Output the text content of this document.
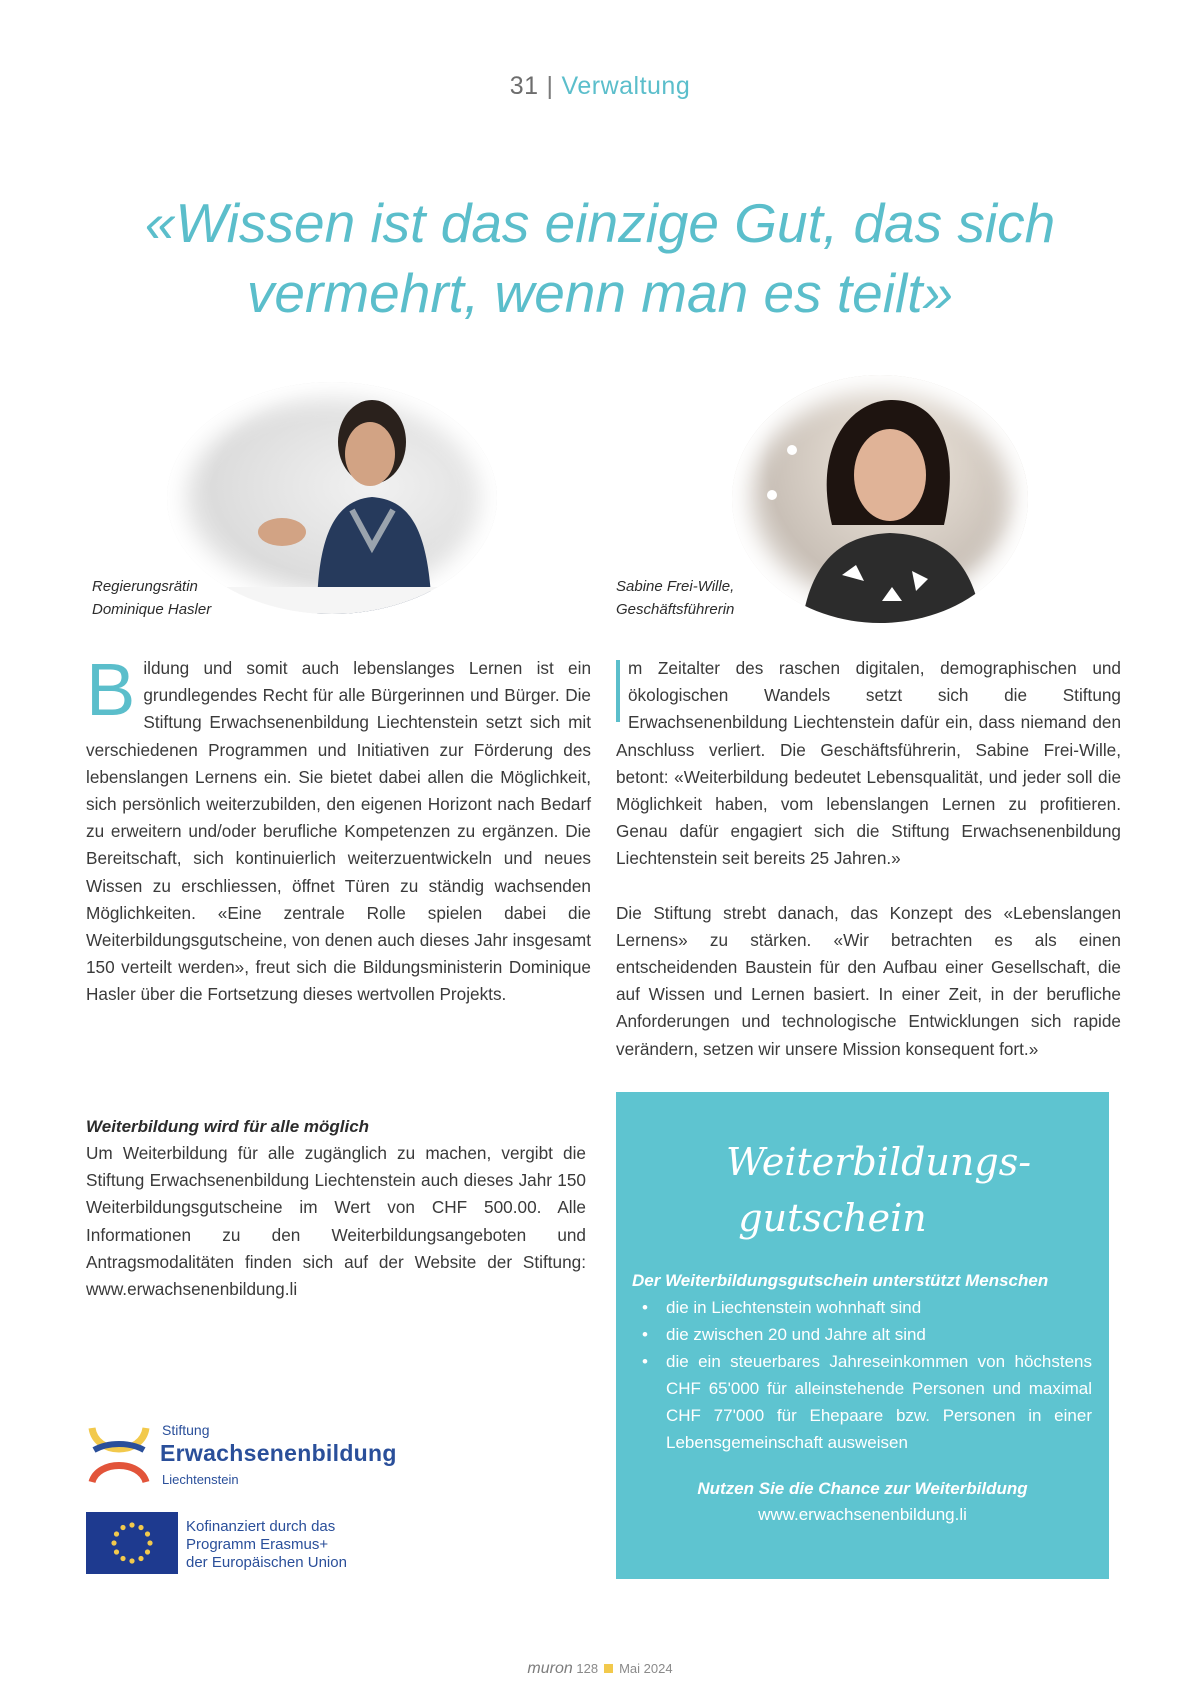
31 | Verwaltung
«Wissen ist das einzige Gut, das sich vermehrt, wenn man es teilt»
Regierungsrätin
Dominique Hasler
Sabine Frei-Wille,
Geschäftsführerin
B ildung und somit auch lebenslanges Lernen ist ein grundlegendes Recht für alle Bürgerinnen und Bürger. Die Stiftung Erwachsenenbildung Liechtenstein setzt sich mit verschiedenen Programmen und Initiativen zur Förderung des lebenslangen Lernens ein. Sie bietet dabei allen die Möglichkeit, sich persönlich weiterzubilden, den eigenen Horizont nach Bedarf zu erweitern und/oder berufliche Kompetenzen zu ergänzen. Die Bereitschaft, sich kontinuierlich weiterzuentwickeln und neues Wissen zu erschliessen, öffnet Türen zu ständig wachsenden Möglichkeiten. «Eine zentrale Rolle spielen dabei die Weiterbildungsgutscheine, von denen auch dieses Jahr insgesamt 150 verteilt werden», freut sich die Bildungsministerin Dominique Hasler über die Fortsetzung dieses wertvollen Projekts.

m Zeitalter des raschen digitalen, demographischen und ökologischen Wandels setzt sich die Stiftung Erwachsenenbildung Liechtenstein dafür ein, dass niemand den Anschluss verliert. Die Geschäftsführerin, Sabine Frei-Wille, betont: «Weiterbildung bedeutet Lebensqualität, und jeder soll die Möglichkeit haben, vom lebenslangen Lernen zu profitieren. Genau dafür engagiert sich die Stiftung Erwachsenenbildung Liechtenstein seit bereits 25 Jahren.»

Die Stiftung strebt danach, das Konzept des «Lebenslangen Lernens» zu stärken. «Wir betrachten es als einen entscheidenden Baustein für den Aufbau einer Gesellschaft, die auf Wissen und Lernen basiert. In einer Zeit, in der berufliche Anforderungen und technologische Entwicklungen sich rapide verändern, setzen wir unsere Mission konsequent fort.»

Weiterbildung wird für alle möglich

Um Weiterbildung für alle zugänglich zu machen, vergibt die Stiftung Erwachsenenbildung Liechtenstein auch dieses Jahr 150 Weiterbildungsgutscheine im Wert von CHF 500.00. Alle Informationen zu den Weiterbildungsangeboten und Antragsmodalitäten finden sich auf der Website der Stiftung: www.erwachsenenbildung.li

Weiterbildungs-
gutschein
Der Weiterbildungsgutschein unterstützt Menschen
• die in Liechtenstein wohnhaft sind
• die zwischen 20 und Jahre alt sind
• die ein steuerbares Jahreseinkommen von höchstens CHF 65'000 für alleinstehende Personen und maximal CHF 77'000 für Ehepaare bzw. Personen in einer Lebensgemeinschaft ausweisen
Nutzen Sie die Chance zur Weiterbildung
www.erwachsenenbildung.li
Stiftung
Erwachsenenbildung
Liechtenstein
Kofinanziert durch das
Programm Erasmus+
der Europäischen Union
muron 128 Mai 2024
